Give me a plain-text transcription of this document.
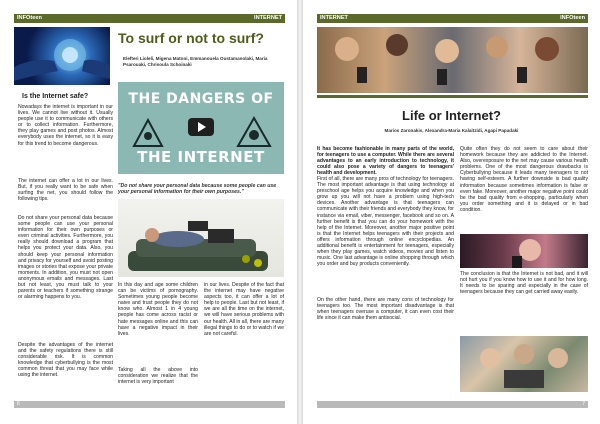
INFOteen	INTERNET
To surf or not to surf?
Elefteri Lioleli, Migena Matoni, Emmanouela Oustamanolaki, Maria Psarouaki, Chrisoula Schoinaki
Is the Internet safe?
Nowadays the internet is important in our lives. We cannot live without it. Usually people use it to communicate with others or to collect information. Furthermore, they play games and post photos. Almost everybody uses the internet, so it is easy for this trend to become dangerous.
THE DANGERS OF
THE INTERNET
The internet can offer a lot in our lives. But, if you really want to be safe when surfing the net, you should follow the following tips.
"Do not share your personal data because some people can use your personal information for their own purposes."
Do not share your personal data because some people can use your personal information for their own purposes or even criminal activities. Furthermore, you really should download a program that helps you protect your data. Also, you should keep your personal information and privacy for yourself and avoid posting images or stories that expose your private moments. In addition, you must not open anonymous emails and messages. Last but not least, you must talk to your parents or teachers if something strange or alarming happens to you.
Despite the advantages of the internet and the safety regulations there is still considerable risk. It is common knowledge that cyberbullying is the most common threat that you may face while using the internet.
In this day and age some children can be victims of pornography. Sometimes young people become naive and trust people they do not know who. Almost 1 in 4 young people has come across racist or hate messages online and this can have a negative impact in their lives.
Taking all the above into consideration we realize that the internet is very important
in our lives. Despite of the fact that the internet may have negative aspects too, it can offer a lot of help to people. Last but not least, if we are all the time on the internet, we will have serious problems with our health. All in all, there are many illegal things to do or to watch if we are not careful.
6
INTERNET	INFOteen
Life or Internet?
Marios Zaronakis, Alexandra-Maria Kalaitzidi, Agapi Papadaki
It has become fashionable in many parts of the world, for teenagers to use a computer. While there are several advantages to an early introduction to technology, it could also pose a variety of dangers to teenagers' health and development.
First of all, there are many pros of technology for teenagers. The most important advantage is that using technology at preschool age helps you acquire knowledge and when you grow up you will not have a problem using high-tech devices. Another advantage is that teenagers can communicate with their friends and everybody they know, for instance via email, viber, messenger, facebook and so on. A further benefit is that you can do your homework with the help of the Internet. Moreover, another major positive point is that the Internet helps teenagers with their projects and offers information through online encyclopedias. An additional benefit is entertainment for teenagers, especially when they play games, watch videos, movies and listen to music. One last advantage is online shopping through which you order and buy products conveniently.
On the other hand, there are many cons of technology for teenagers too. The most important disadvantage is that when teenagers overuse a computer, it can even cost their life since it can make them antisocial.
Quite often they do not seem to care about their homework because they are addicted to the Internet. Also, overexposure to the net may cause various health problems. One of the most dangerous drawbacks is Cyberbullying because it leads many teenagers to not having self-esteem. A further downside is bad quality information because sometimes information is false or even fake. Moreover, another major negative point could be the bad quality from e-shopping, particularly when you order something and it is delayed or in bad condition.
The conclusion is that the Internet is not bad, and it will not hurt you if you know how to use it and for how long. It needs to be sparing and especially in the case of teenagers because they can get carried away easily.
7
